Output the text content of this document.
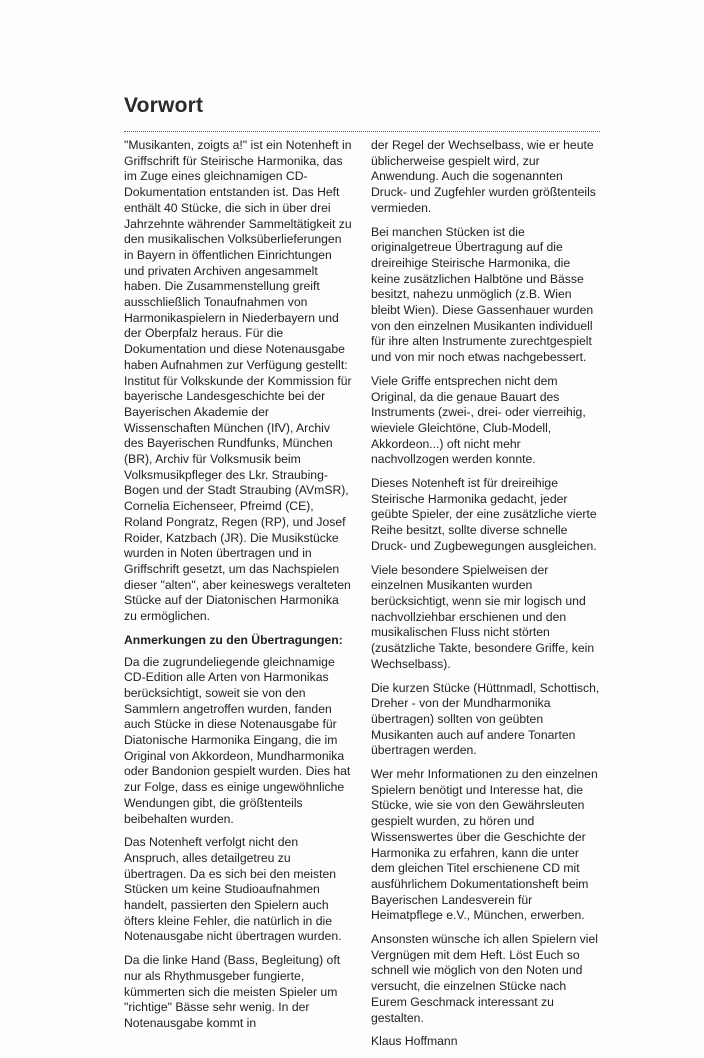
Vorwort

"Musikanten, zoigts a!" ist ein Notenheft in Griffschrift für Steirische Harmonika, das im Zuge eines gleichnamigen CD-Dokumentation entstanden ist. Das Heft enthält 40 Stücke, die sich in über drei Jahrzehnte währender Sammeltätigkeit zu den musikalischen Volksüberlieferungen in Bayern in öffentlichen Einrichtungen und privaten Archiven angesammelt haben. Die Zusammenstellung greift ausschließlich Tonaufnahmen von Harmonikaspielern in Niederbayern und der Oberpfalz heraus. Für die Dokumentation und diese Notenausgabe haben Aufnahmen zur Verfügung gestellt: Institut für Volkskunde der Kommission für bayerische Landesgeschichte bei der Bayerischen Akademie der Wissenschaften München (IfV), Archiv des Bayerischen Rundfunks, München (BR), Archiv für Volksmusik beim Volksmusikpfleger des Lkr. Straubing-Bogen und der Stadt Straubing (AVmSR), Cornelia Eichenseer, Pfreimd (CE), Roland Pongratz, Regen (RP), und Josef Roider, Katzbach (JR). Die Musikstücke wurden in Noten übertragen und in Griffschrift gesetzt, um das Nachspielen dieser "alten", aber keineswegs veralteten Stücke auf der Diatonischen Harmonika zu ermöglichen.

Anmerkungen zu den Übertragungen:

Da die zugrundeliegende gleichnamige CD-Edition alle Arten von Harmonikas berücksichtigt, soweit sie von den Sammlern angetroffen wurden, fanden auch Stücke in diese Notenausgabe für Diatonische Harmonika Eingang, die im Original von Akkordeon, Mundharmonika oder Bandonion gespielt wurden. Dies hat zur Folge, dass es einige ungewöhnliche Wendungen gibt, die größtenteils beibehalten wurden.

Das Notenheft verfolgt nicht den Anspruch, alles detailgetreu zu übertragen. Da es sich bei den meisten Stücken um keine Studioaufnahmen handelt, passierten den Spielern auch öfters kleine Fehler, die natürlich in die Notenausgabe nicht übertragen wurden.

Da die linke Hand (Bass, Begleitung) oft nur als Rhythmusgeber fungierte, kümmerten sich die meisten Spieler um "richtige" Bässe sehr wenig. In der Notenausgabe kommt in

der Regel der Wechselbass, wie er heute üblicherweise gespielt wird, zur Anwendung. Auch die sogenannten Druck- und Zugfehler wurden größtenteils vermieden.

Bei manchen Stücken ist die originalgetreue Übertragung auf die dreireihige Steirische Harmonika, die keine zusätzlichen Halbtöne und Bässe besitzt, nahezu unmöglich (z.B. Wien bleibt Wien). Diese Gassenhauer wurden von den einzelnen Musikanten individuell für ihre alten Instrumente zurechtgespielt und von mir noch etwas nachgebessert.

Viele Griffe entsprechen nicht dem Original, da die genaue Bauart des Instruments (zwei-, drei- oder vierreihig, wieviele Gleichtöne, Club-Modell, Akkordeon...) oft nicht mehr nachvollzogen werden konnte.

Dieses Notenheft ist für dreireihige Steirische Harmonika gedacht, jeder geübte Spieler, der eine zusätzliche vierte Reihe besitzt, sollte diverse schnelle Druck- und Zugbewegungen ausgleichen.

Viele besondere Spielweisen der einzelnen Musikanten wurden berücksichtigt, wenn sie mir logisch und nachvollziehbar erschienen und den musikalischen Fluss nicht störten (zusätzliche Takte, besondere Griffe, kein Wechselbass).

Die kurzen Stücke (Hüttnmadl, Schottisch, Dreher - von der Mundharmonika übertragen) sollten von geübten Musikanten auch auf andere Tonarten übertragen werden.

Wer mehr Informationen zu den einzelnen Spielern benötigt und Interesse hat, die Stücke, wie sie von den Gewährsleuten gespielt wurden, zu hören und Wissenswertes über die Geschichte der Harmonika zu erfahren, kann die unter dem gleichen Titel erschienene CD mit ausführlichem Dokumentationsheft beim Bayerischen Landesverein für Heimatpflege e.V., München, erwerben.

Ansonsten wünsche ich allen Spielern viel Vergnügen mit dem Heft. Löst Euch so schnell wie möglich von den Noten und versucht, die einzelnen Stücke nach Eurem Geschmack interessant zu gestalten.

Klaus Hoffmann
